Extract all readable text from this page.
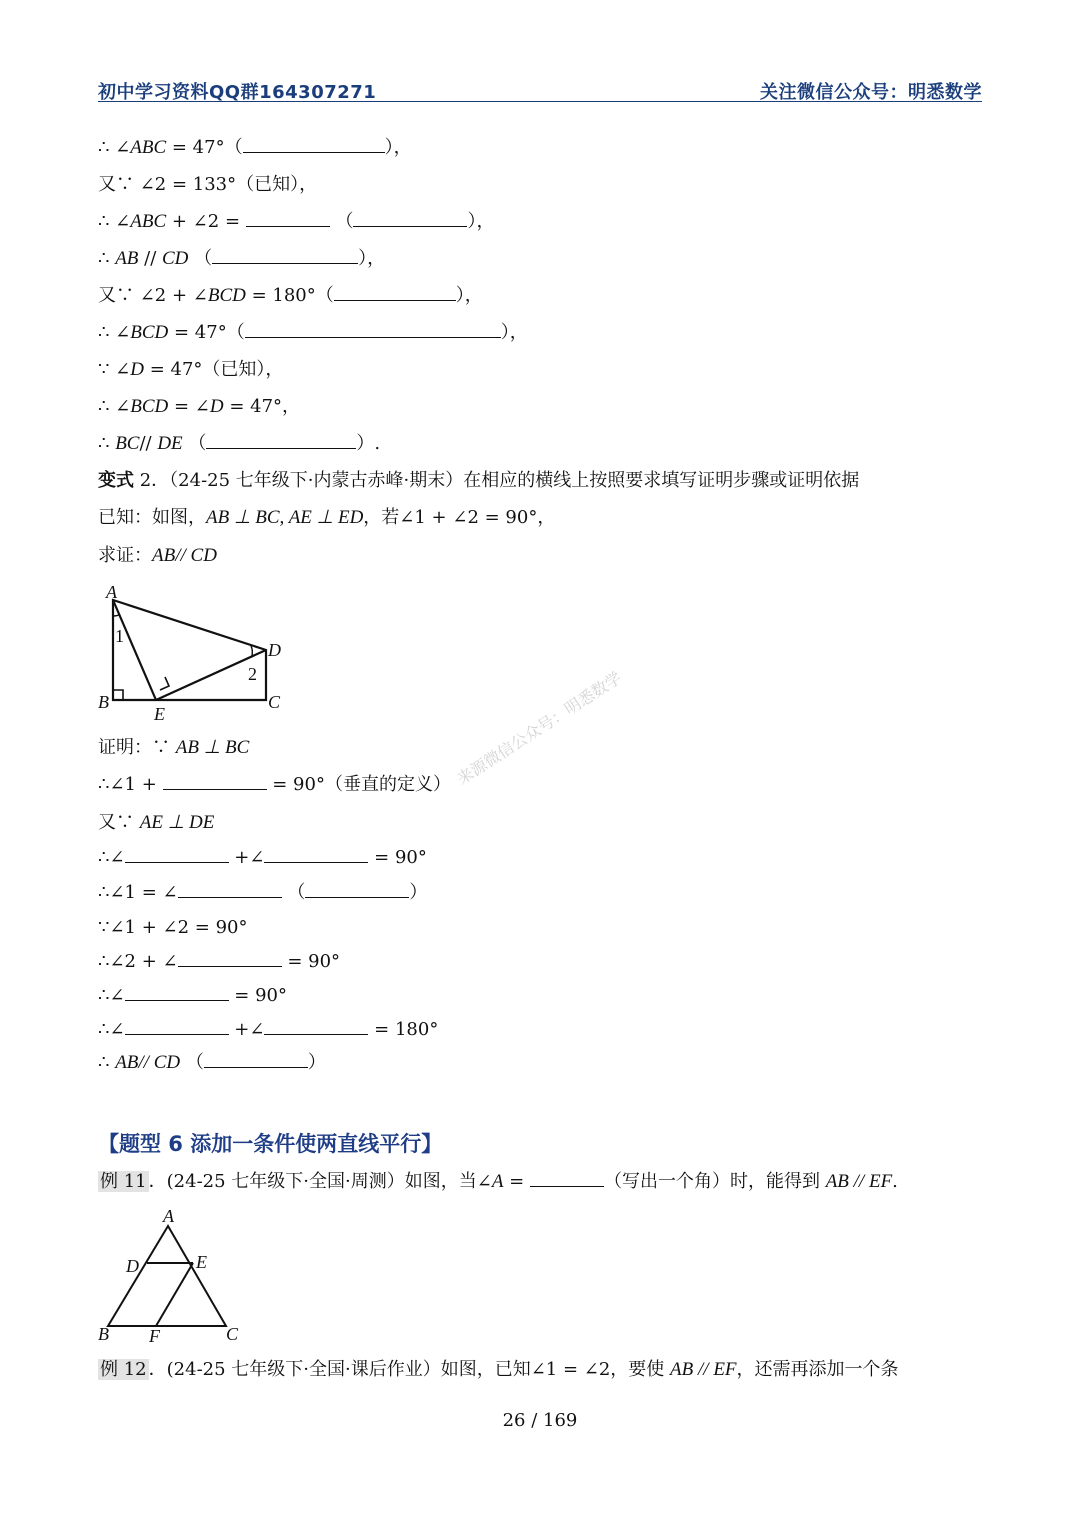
初中学习资料QQ群164307271	关注微信公众号：明悉数学
∴ ∠ABC = 47°（	），
又∵ ∠2 = 133°（已知），
∴ ∠ABC + ∠2 =	（	），
∴ AB // CD （	），
又∵ ∠2 + ∠BCD = 180°（	），
∴ ∠BCD = 47°（	），
∵ ∠D = 47°（已知），
∴ ∠BCD = ∠D = 47°，
∴ BC// DE （	）.
变式 2．（24-25 七年级下·内蒙古赤峰·期末）在相应的横线上按照要求填写证明步骤或证明依据
已知：如图，AB ⊥ BC, AE ⊥ ED，若∠1 + ∠2 = 90°，
求证：AB// CD
A
B	C
D
E
1
2	来源微信公众号：明悉数学
证明：∵ AB ⊥ BC
∴∠1 +	= 90°（垂直的定义）
又∵ AE ⊥ DE
∴∠	+∠	= 90°
∴∠1 = ∠	（	）
∵∠1 + ∠2 = 90°
∴∠2 + ∠	= 90°
∴∠	= 90°
∴∠	+∠	= 180°
∴ AB// CD （	）
【题型 6 添加一条件使两直线平行】
例 11 ．(24-25 七年级下·全国·周测）如图，当∠A =	（写出一个角）时，能得到 AB // EF.
A
D	E
B F	C
例 12 ．(24-25 七年级下·全国·课后作业）如图，已知∠1 = ∠2，要使 AB // EF，还需再添加一个条
26 / 169
